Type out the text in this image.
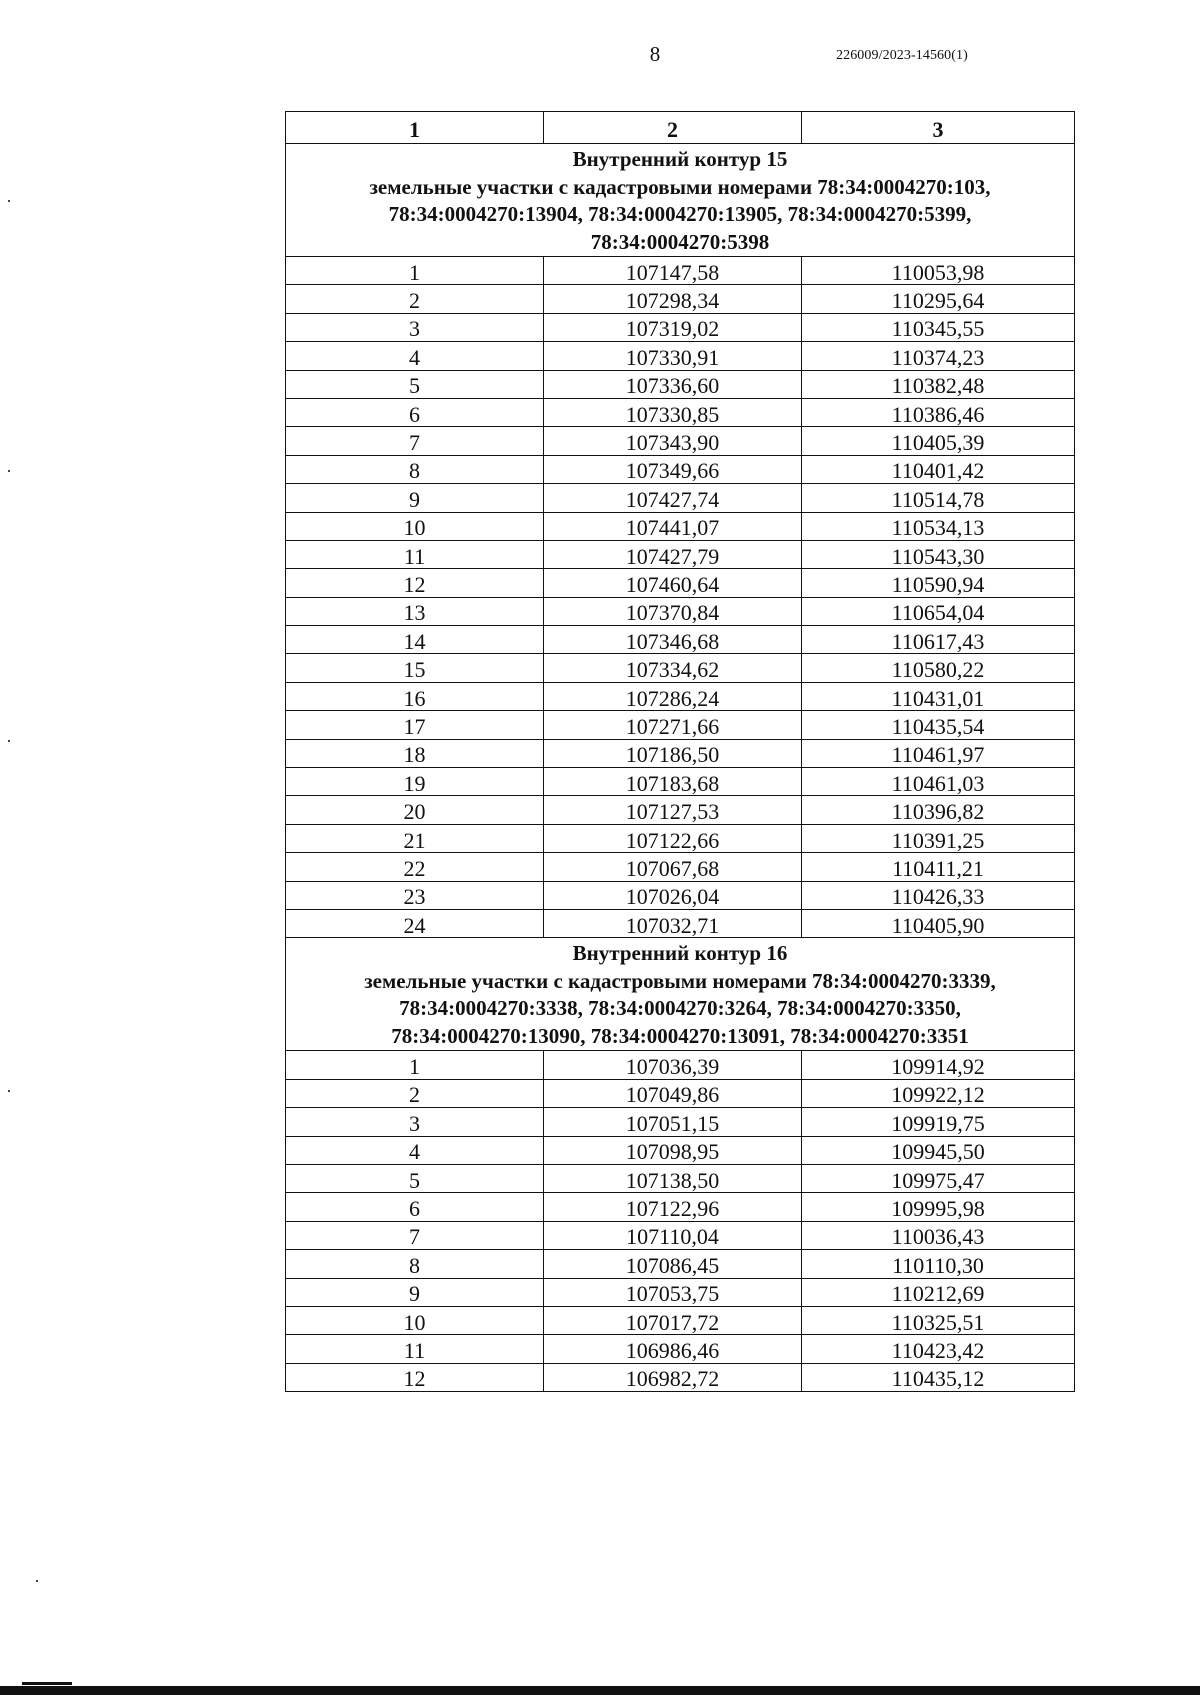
8	226009/2023-14560(1)
1	2	3

Внутренний контур 15
земельные участки с кадастровыми номерами 78:34:0004270:103,
78:34:0004270:13904, 78:34:0004270:13905, 78:34:0004270:5399,
78:34:0004270:5398		

1	107147,58	110053,98
2	107298,34	110295,64
3	107319,02	110345,55
4	107330,91	110374,23
5	107336,60	110382,48
6	107330,85	110386,46
7	107343,90	110405,39
8	107349,66	110401,42
9	107427,74	110514,78
10	107441,07	110534,13
11	107427,79	110543,30
12	107460,64	110590,94
13	107370,84	110654,04
14	107346,68	110617,43
15	107334,62	110580,22
16	107286,24	110431,01
17	107271,66	110435,54
18	107186,50	110461,97
19	107183,68	110461,03
20	107127,53	110396,82
21	107122,66	110391,25
22	107067,68	110411,21
23	107026,04	110426,33
24	107032,71	110405,90

Внутренний контур 16
земельные участки с кадастровыми номерами 78:34:0004270:3339,
78:34:0004270:3338, 78:34:0004270:3264, 78:34:0004270:3350,
78:34:0004270:13090, 78:34:0004270:13091, 78:34:0004270:3351		

1	107036,39	109914,92
2	107049,86	109922,12
3	107051,15	109919,75
4	107098,95	109945,50
5	107138,50	109975,47
6	107122,96	109995,98
7	107110,04	110036,43
8	107086,45	110110,30
9	107053,75	110212,69
10	107017,72	110325,51
11	106986,46	110423,42
12	106982,72	110435,12
